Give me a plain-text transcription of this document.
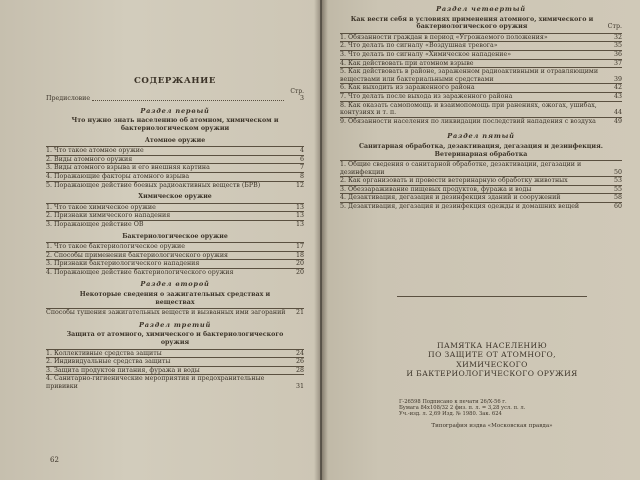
СОДЕРЖАНИЕ
Стр.
Предисловие	3
Раздел первый
Что нужно знать населению об атомном, химическом и бактериологическом оружии
Атомное оружие
1. Что такое атомное оружие	4
2. Виды атомного оружия	6
3. Виды атомного взрыва и его внешняя картина	7
4. Поражающие факторы атомного взрыва	8
5. Поражающее действие боевых радиоактивных веществ (БРВ)	12
Химическое оружие
1. Что такое химическое оружие	13
2. Признаки химического нападения	13
3. Поражающее действие ОВ	13
Бактериологическое оружие
1. Что такое бактериологическое оружие	17
2. Способы применения бактериологического оружия	18
3. Признаки бактериологического нападения	20
4. Поражающее действие бактериологического оружия	20
Раздел второй
Некоторые сведения о зажигательных средствах и веществах
Способы тушения зажигательных веществ и вызванных ими загораний	21
Раздел третий
Защита от атомного, химического и бактериологического оружия
1. Коллективные средства защиты	24
2. Индивидуальные средства защиты	26
3. Защита продуктов питания, фуража и воды	28
4. Санитарно-гигиенические мероприятия и предохранительные прививки	31
62
Раздел четвертый
Как вести себя в условиях применения атомного, химического и бактериологического оружия	Стр.
1. Обязанности граждан в период «Угрожаемого положения»	32
2. Что делать по сигналу «Воздушная тревога»	35
3. Что делать по сигналу «Химическое нападение»	36
4. Как действовать при атомном взрыве	37
5. Как действовать в районе, зараженном радиоактивными и отравляющими веществами или бактериальными средствами	39
6. Как выходить из зараженного района	42
7. Что делать после выхода из зараженного района	43
8. Как оказать самопомощь и взаимопомощь при ранениях, ожогах, ушибах, контузиях и т. п.	44
9. Обязанности населения по ликвидации последствий нападения с воздуха	49
Раздел пятый
Санитарная обработка, дезактивация, дегазация и дезинфекция. Ветеринарная обработка
1. Общие сведения о санитарной обработке, дезактивации, дегазации и дезинфекции	50
2. Как организовать и провести ветеринарную обработку животных	53
3. Обеззараживание пищевых продуктов, фуража и воды	55
4. Дезактивация, дегазация и дезинфекция зданий и сооружений	58
5. Дезактивация, дегазация и дезинфекция одежды и домашних вещей	60
ПАМЯТКА НАСЕЛЕНИЮ
ПО ЗАЩИТЕ ОТ АТОМНОГО,
ХИМИЧЕСКОГО
И БАКТЕРИОЛОГИЧЕСКОГО ОРУЖИЯ
Г-26598 Подписано к печати 26/Х-56 г.
Бумага 84х108/32 2 физ. п. л. = 3,28 усл. п. л.
Уч.-изд. л. 2,69 Изд. № 1980. Зак. 624
Типография издва «Московская правда»
